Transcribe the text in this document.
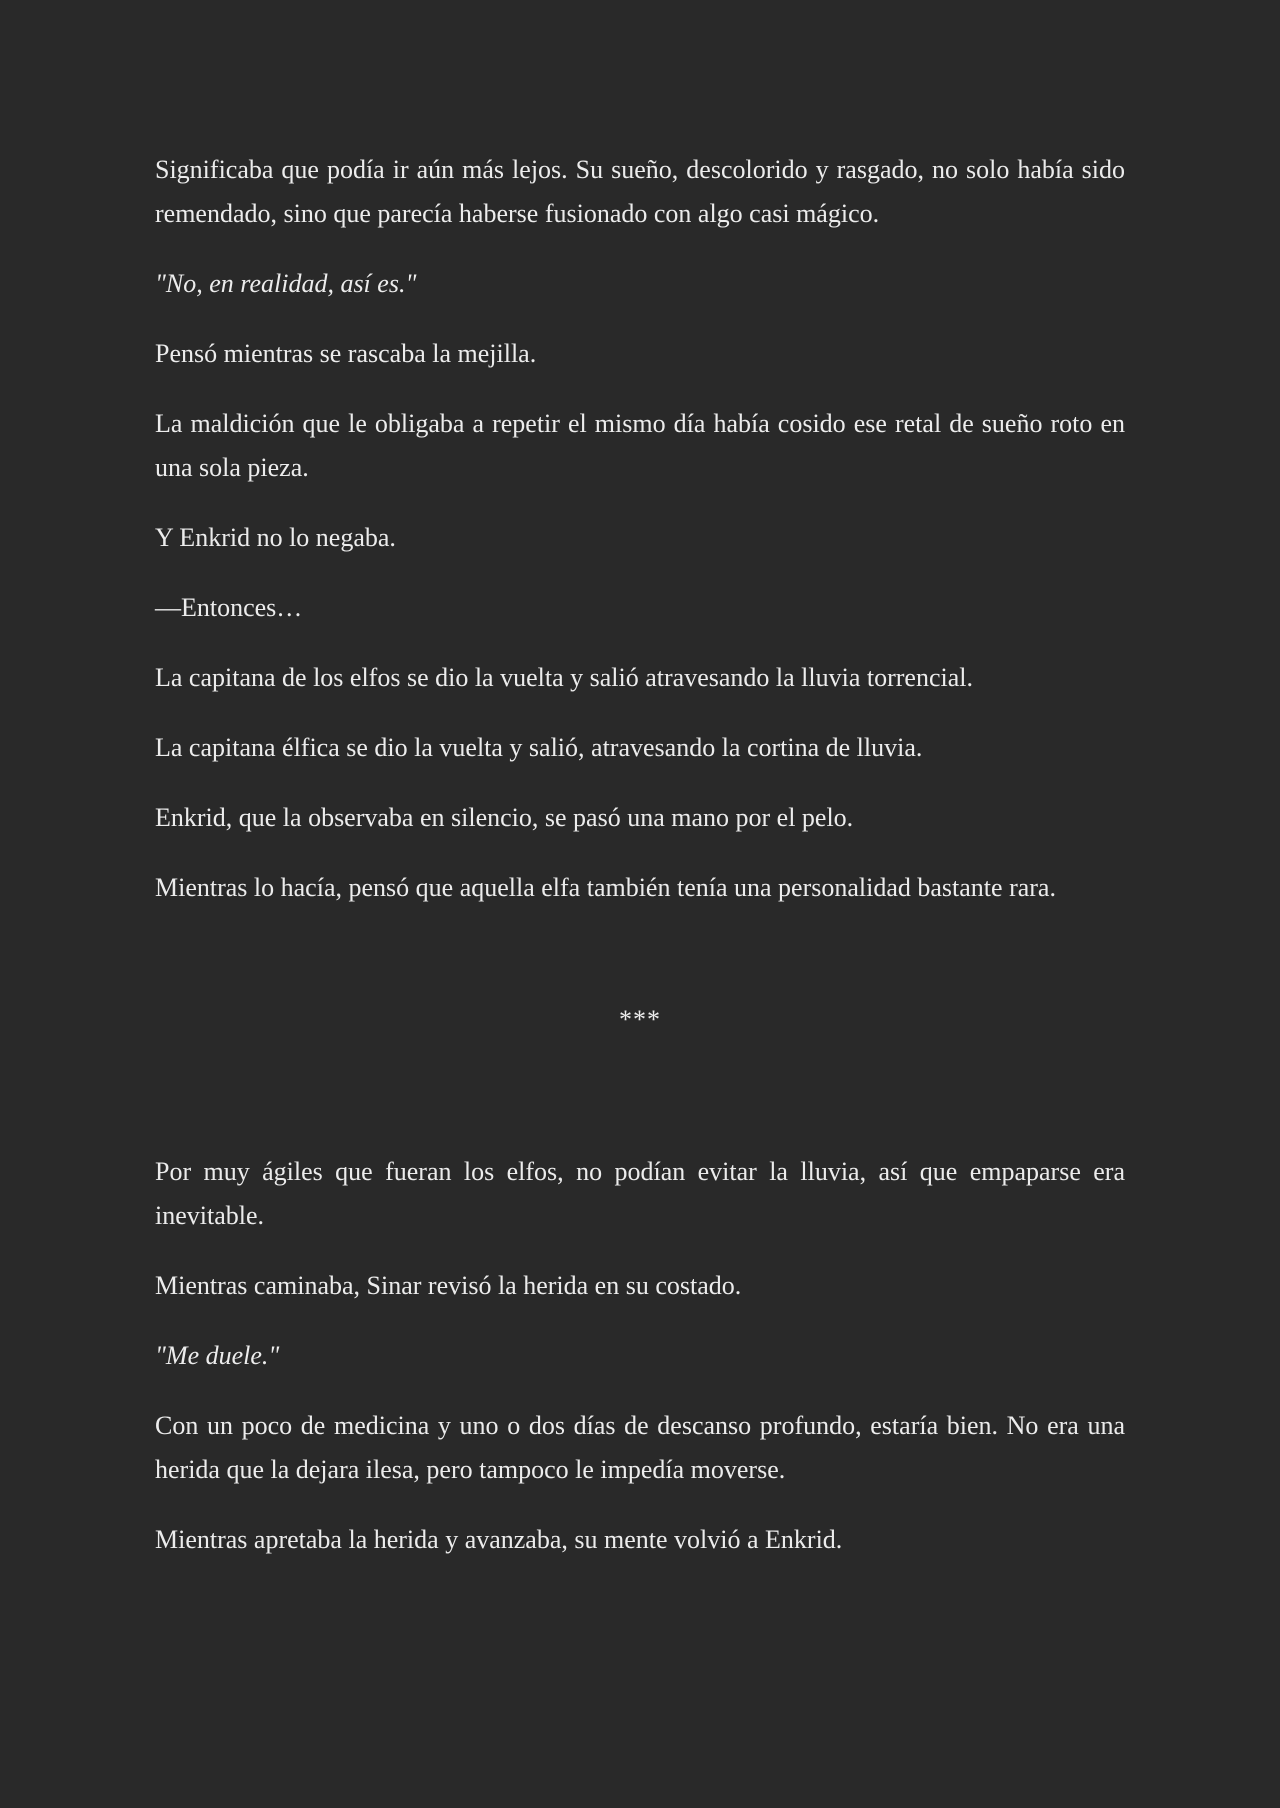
Significaba que podía ir aún más lejos. Su sueño, descolorido y rasgado, no solo había sido remendado, sino que parecía haberse fusionado con algo casi mágico.

"No, en realidad, así es."

Pensó mientras se rascaba la mejilla.

La maldición que le obligaba a repetir el mismo día había cosido ese retal de sueño roto en una sola pieza.

Y Enkrid no lo negaba.

—Entonces…

La capitana de los elfos se dio la vuelta y salió atravesando la lluvia torrencial.

La capitana élfica se dio la vuelta y salió, atravesando la cortina de lluvia.

Enkrid, que la observaba en silencio, se pasó una mano por el pelo.

Mientras lo hacía, pensó que aquella elfa también tenía una personalidad bastante rara.

***

Por muy ágiles que fueran los elfos, no podían evitar la lluvia, así que empaparse era inevitable.

Mientras caminaba, Sinar revisó la herida en su costado.

"Me duele."

Con un poco de medicina y uno o dos días de descanso profundo, estaría bien. No era una herida que la dejara ilesa, pero tampoco le impedía moverse.

Mientras apretaba la herida y avanzaba, su mente volvió a Enkrid.
